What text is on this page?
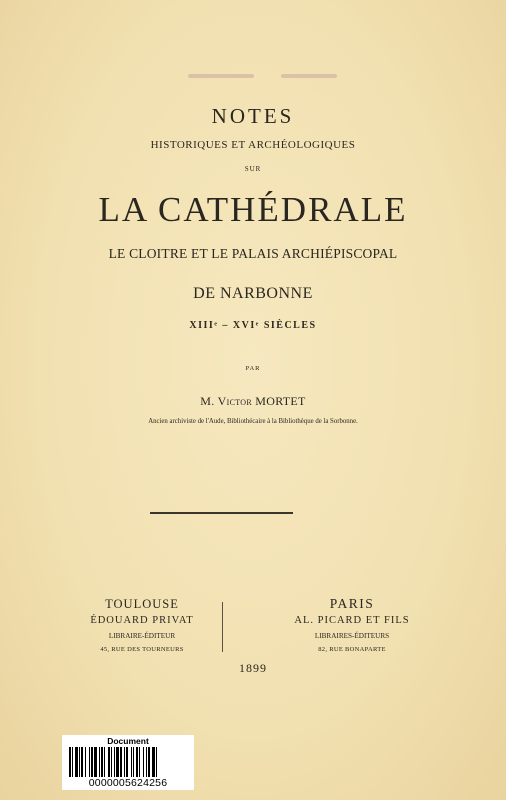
NOTES
HISTORIQUES ET ARCHÉOLOGIQUES
SUR
LA CATHÉDRALE
LE CLOITRE ET LE PALAIS ARCHIÉPISCOPAL
DE NARBONNE
XIIIᵉ – XVIᵉ SIÈCLES
PAR
M. Victor MORTET
Ancien archiviste de l'Aude, Bibliothécaire à la Bibliothèque de la Sorbonne.
TOULOUSE
ÉDOUARD PRIVAT
LIBRAIRE-ÉDITEUR
45, RUE DES TOURNEURS
PARIS
AL. PICARD ET FILS
LIBRAIRES-ÉDITEURS
82, RUE BONAPARTE
1899
Document
0000005624256
